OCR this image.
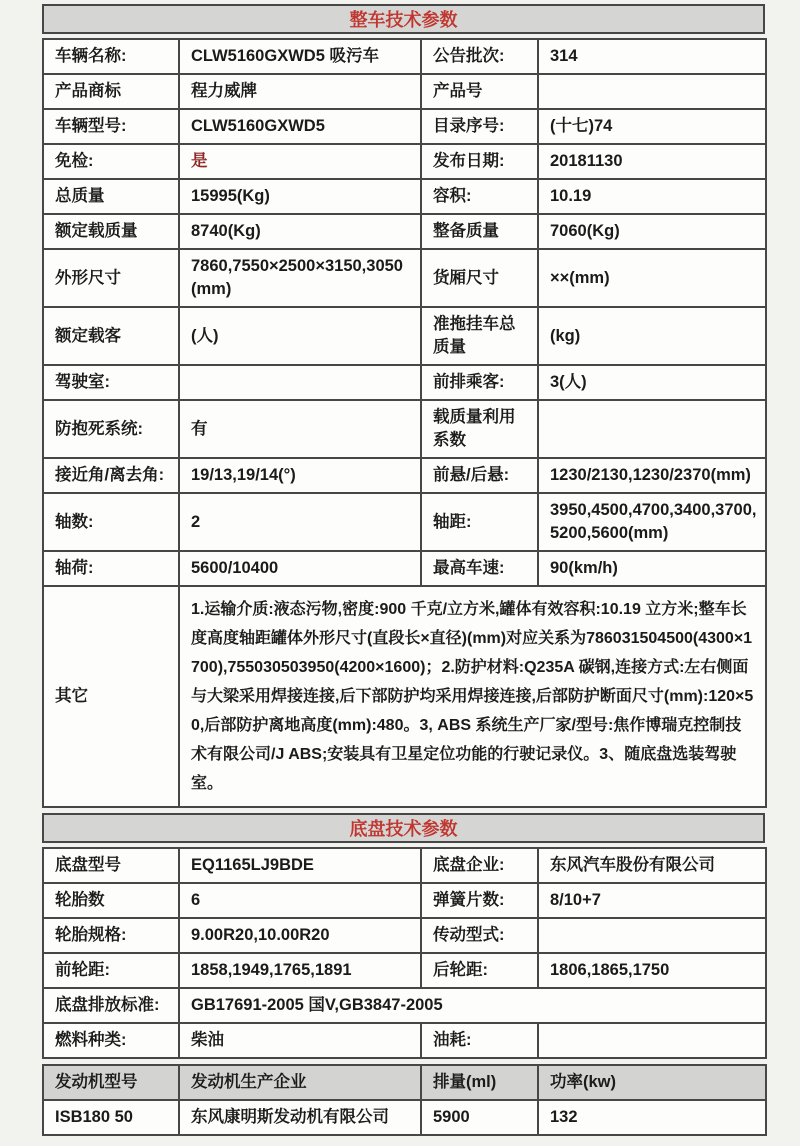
整车技术参数
车辆名称:	CLW5160GXWD5 吸污车	公告批次:	314
产品商标	程力威牌	产品号	
车辆型号:	CLW5160GXWD5	目录序号:	(十七)74
免检:	是	发布日期:	20181130
总质量	15995(Kg)	容积:	10.19
额定载质量	8740(Kg)	整备质量	7060(Kg)
外形尺寸	7860,7550×2500×3150,3050(mm)	货厢尺寸	××(mm)
额定载客	(人)	准拖挂车总质量	(kg)
驾驶室:		前排乘客:	3(人)
防抱死系统:	有	载质量利用系数	
接近角/离去角:	19/13,19/14(°)	前悬/后悬:	1230/2130,1230/2370(mm)
轴数:	2	轴距:	3950,4500,4700,3400,3700,5200,5600(mm)
轴荷:	5600/10400	最高车速:	90(km/h)
其它	1.运输介质:液态污物,密度:900 千克/立方米,罐体有效容积:10.19 立方米;整车长度高度轴距罐体外形尺寸(直段长×直径)(mm)对应关系为786031504500(4300×1700),755030503950(4200×1600)；2.防护材料:Q235A 碳钢,连接方式:左右侧面与大梁采用焊接连接,后下部防护均采用焊接连接,后部防护断面尺寸(mm):120×50,后部防护离地高度(mm):480。3, ABS 系统生产厂家/型号:焦作博瑞克控制技术有限公司/J ABS;安装具有卫星定位功能的行驶记录仪。3、随底盘选装驾驶室。		
底盘技术参数
底盘型号	EQ1165LJ9BDE	底盘企业:	东风汽车股份有限公司
轮胎数	6	弹簧片数:	8/10+7
轮胎规格:	9.00R20,10.00R20	传动型式:	
前轮距:	1858,1949,1765,1891	后轮距:	1806,1865,1750
底盘排放标准:	GB17691-2005 国V,GB3847-2005		
燃料种类:	柴油	油耗:	
发动机型号	发动机生产企业	排量(ml)	功率(kw)
ISB180 50	东风康明斯发动机有限公司	5900	132
